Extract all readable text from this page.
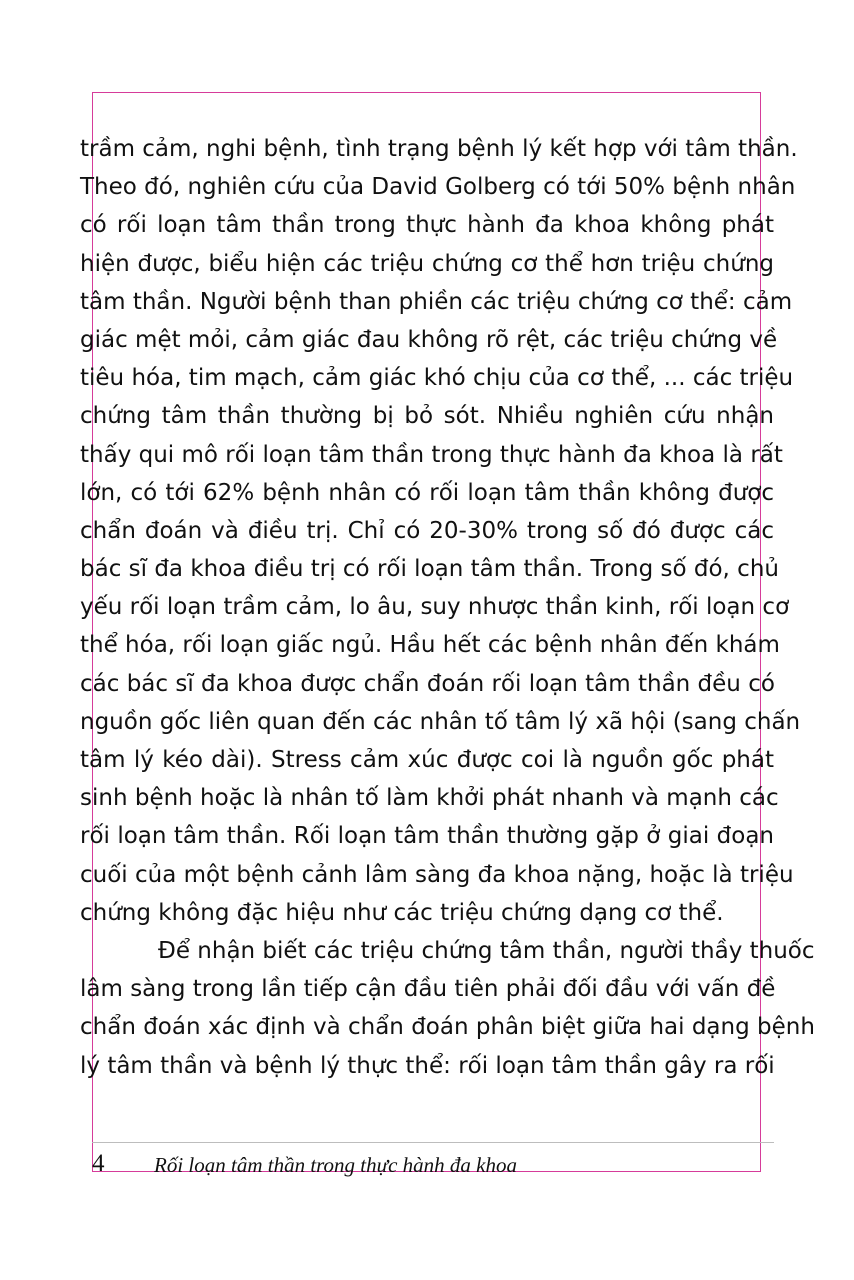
trầm cảm, nghi bệnh, tình trạng bệnh lý kết hợp với tâm thần.
Theo đó, nghiên cứu của David Golberg có tới 50% bệnh nhân
có rối loạn tâm thần trong thực hành đa khoa không phát
hiện được, biểu hiện các triệu chứng cơ thể hơn triệu chứng
tâm thần. Người bệnh than phiền các triệu chứng cơ thể: cảm
giác mệt mỏi, cảm giác đau không rõ rệt, các triệu chứng về
tiêu hóa, tim mạch, cảm giác khó chịu của cơ thể, ... các triệu
chứng tâm thần thường bị bỏ sót. Nhiều nghiên cứu nhận
thấy qui mô rối loạn tâm thần trong thực hành đa khoa là rất
lớn, có tới 62% bệnh nhân có rối loạn tâm thần không được
chẩn đoán và điều trị. Chỉ có 20-30% trong số đó được các
bác sĩ đa khoa điều trị có rối loạn tâm thần. Trong số đó, chủ
yếu rối loạn trầm cảm, lo âu, suy nhược thần kinh, rối loạn cơ
thể hóa, rối loạn giấc ngủ. Hầu hết các bệnh nhân đến khám
các bác sĩ đa khoa được chẩn đoán rối loạn tâm thần đều có
nguồn gốc liên quan đến các nhân tố tâm lý xã hội (sang chấn
tâm lý kéo dài). Stress cảm xúc được coi là nguồn gốc phát
sinh bệnh hoặc là nhân tố làm khởi phát nhanh và mạnh các
rối loạn tâm thần. Rối loạn tâm thần thường gặp ở giai đoạn
cuối của một bệnh cảnh lâm sàng đa khoa nặng, hoặc là triệu
chứng không đặc hiệu như các triệu chứng dạng cơ thể.
Để nhận biết các triệu chứng tâm thần, người thầy thuốc
lâm sàng trong lần tiếp cận đầu tiên phải đối đầu với vấn đề
chẩn đoán xác định và chẩn đoán phân biệt giữa hai dạng bệnh
lý tâm thần và bệnh lý thực thể: rối loạn tâm thần gây ra rối
4 Rối loạn tâm thần trong thực hành đa khoa
